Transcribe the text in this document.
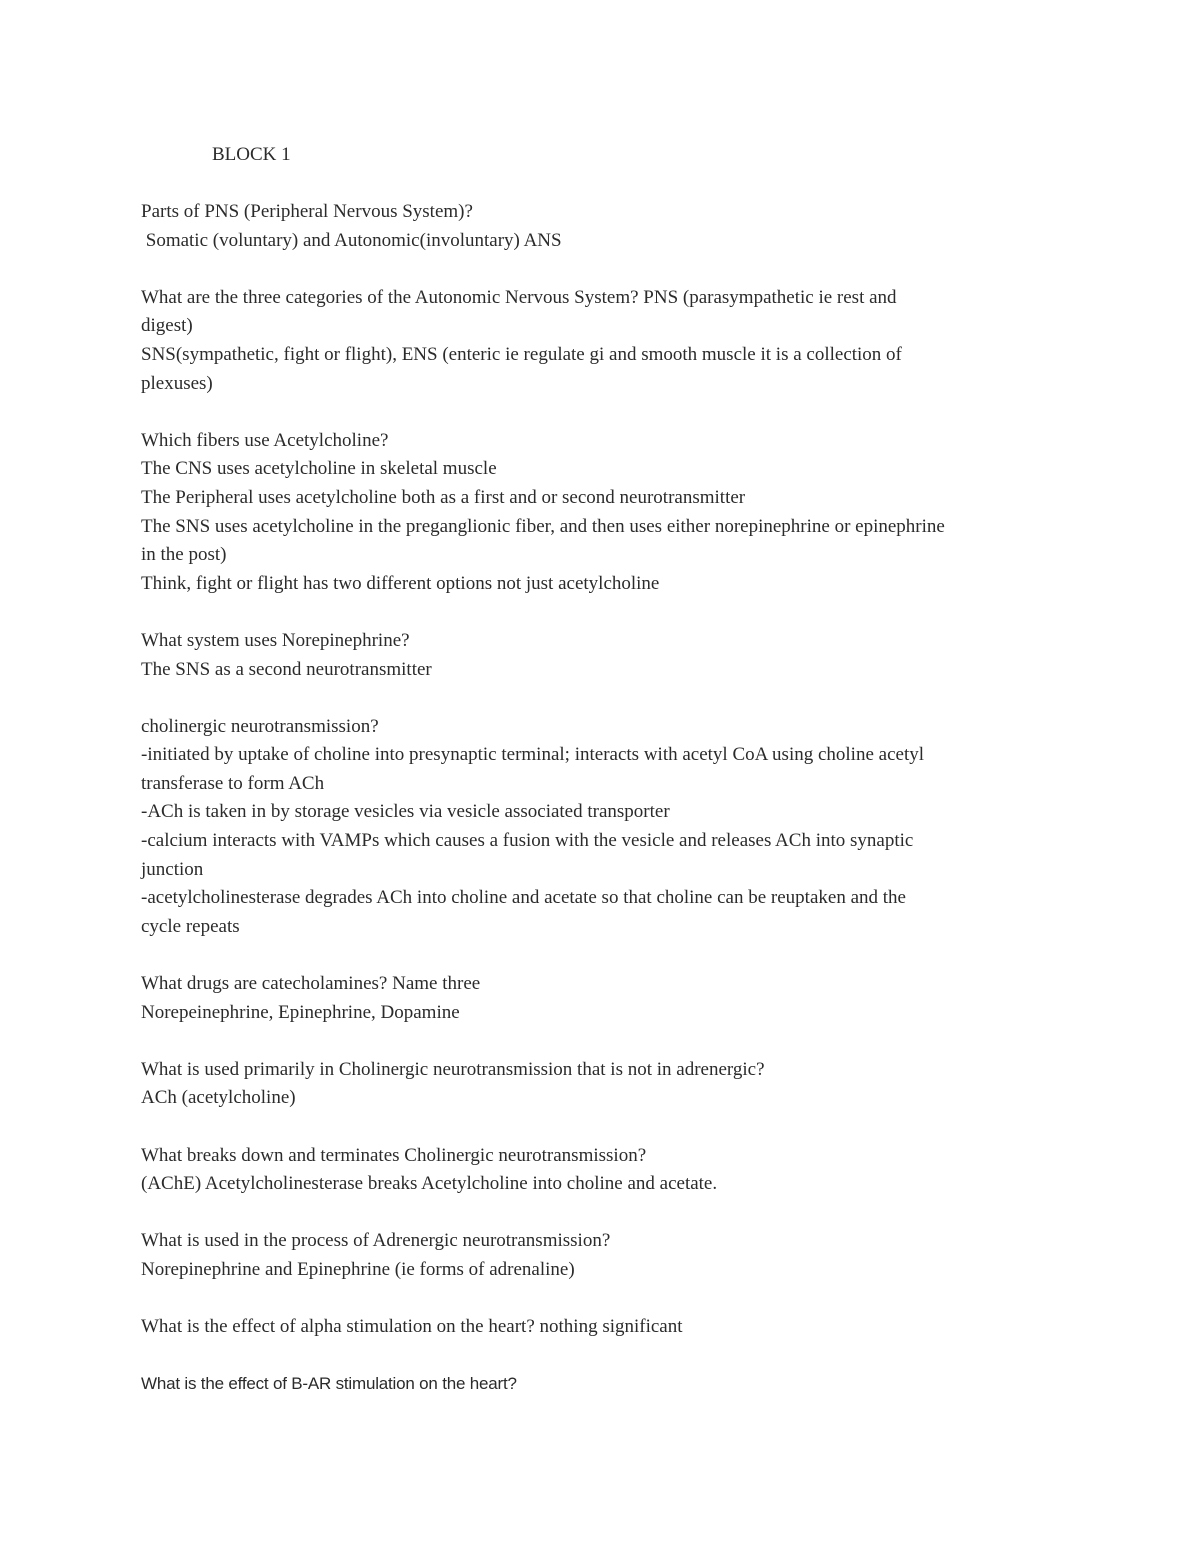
BLOCK 1
Parts of PNS (Peripheral Nervous System)?
Somatic (voluntary) and Autonomic(involuntary) ANS
What are the three categories of the Autonomic Nervous System? PNS (parasympathetic ie rest and
digest)
SNS(sympathetic, fight or flight), ENS (enteric ie regulate gi and smooth muscle it is a collection of
plexuses)
Which fibers use Acetylcholine?
The CNS uses acetylcholine in skeletal muscle
The Peripheral uses acetylcholine both as a first and or second neurotransmitter
The SNS uses acetylcholine in the preganglionic fiber, and then uses either norepinephrine or epinephrine
in the post)
Think, fight or flight has two different options not just acetylcholine
What system uses Norepinephrine?
The SNS as a second neurotransmitter
cholinergic neurotransmission?
-initiated by uptake of choline into presynaptic terminal; interacts with acetyl CoA using choline acetyl
transferase to form ACh
-ACh is taken in by storage vesicles via vesicle associated transporter
-calcium interacts with VAMPs which causes a fusion with the vesicle and releases ACh into synaptic
junction
-acetylcholinesterase degrades ACh into choline and acetate so that choline can be reuptaken and the
cycle repeats
What drugs are catecholamines? Name three
Norepeinephrine, Epinephrine, Dopamine
What is used primarily in Cholinergic neurotransmission that is not in adrenergic?
ACh (acetylcholine)
What breaks down and terminates Cholinergic neurotransmission?
(AChE) Acetylcholinesterase breaks Acetylcholine into choline and acetate.
What is used in the process of Adrenergic neurotransmission?
Norepinephrine and Epinephrine (ie forms of adrenaline)
What is the effect of alpha stimulation on the heart? nothing significant
What is the effect of B-AR stimulation on the heart?
